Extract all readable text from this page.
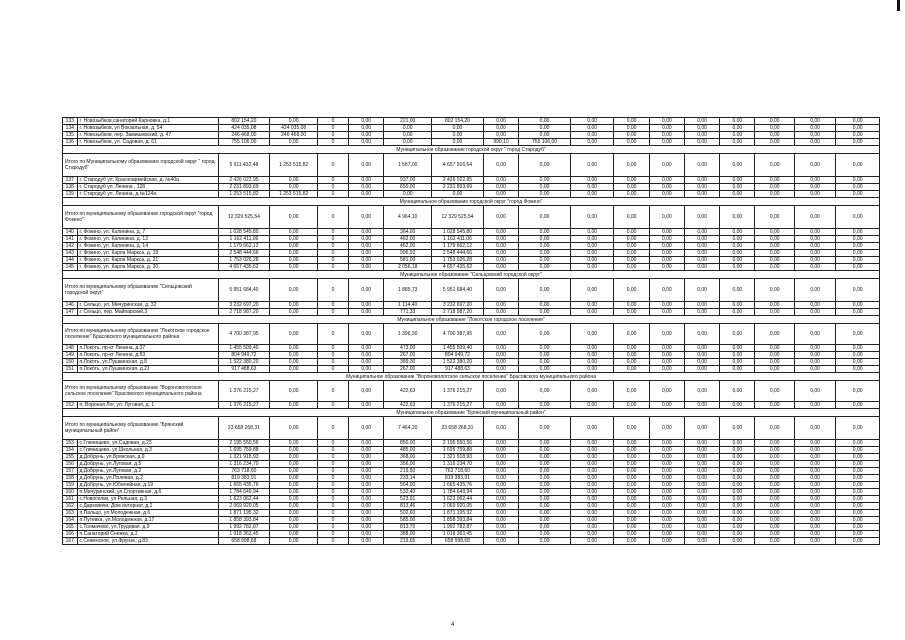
133	г. Новозыбков,санаторий Карновка, д.1	802 154,20	0,00	0	0,00	221,00	802 154,20	0,00	0,00	0,00	0,00	0,00	0,00	0,00	0,00	0,00	0,00
134	г. Новозыбков, ул Вокзальная, д. 54	424 035,08	424 035,08	0	0,00	0,00	0,00	0,00	0,00	0,00	0,00	0,00	0,00	0,00	0,00	0,00	0,00
135	г. Новозыбков, пер. Замишевский, д. 47	246 468,00	246 468,00	0	0,00	0,00	0,00	0,00	0,00	0,00	0,00	0,00	0,00	0,00	0,00	0,00	0,00
136	г. Новозыбков, ул. Садовая, д. 61	755 106,00	0,00	0	0,00	0,00	0,00	990,10	755 106,00	0,00	0,00	0,00	0,00	0,00	0,00	0,00	0,00
Муниципальное образование городской округ " город Стародуб"																	
Итого по Муниципальному образованию городской округ " город Стародуб"		5 911 432,48	1 253 515,82	0	0,00	1 587,00	4 657 916,64	0,00	0,00	0,00	0,00	0,00	0,00	0,00	0,00	0,00	0,00
137	г. Стародуб ул. Красноармейская, д. №40а	2 426 022,95	0,00	0	0,00	937,00	2 426 022,95	0,00	0,00	0,00	0,00	0,00	0,00	0,00	0,00	0,00	0,00
138	г. Стародуб ул. Ленина , 128	2 231 893,69	0,00	0	0,00	650,00	2 231 893,69	0,00	0,00	0,00	0,00	0,00	0,00	0,00	0,00	0,00	0,00
139	г. Стародуб ул. Ленина, д.№124а	1 253 515,82	1 253 515,82	0	0,00	0,00	0,00	0,00	0,00	0,00	0,00	0,00	0,00	0,00	0,00	0,00	0,00
Муниципальное образование городской округ "город Фокино"																	
Итого по муниципальному образованию городской округ "город Фокино"		12 329 525,54	0,00	0	0,00	4 964,10	12 329 525,54	0,00	0,00	0,00	0,00	0,00	0,00	0,00	0,00	0,00	0,00
140	г. Фокино, ул. Калинина, д. 7	1 028 545,80	0,00	0	0,00	364,00	1 028 545,80	0,00	0,00	0,00	0,00	0,00	0,00	0,00	0,00	0,00	0,00
141	г. Фокино, ул. Калинина, д. 12	1 162 411,06	0,00	0	0,00	462,00	1 162 411,06	0,00	0,00	0,00	0,00	0,00	0,00	0,00	0,00	0,00	0,00
142	г. Фокино, ул. Калинина, д. 14	1 179 662,12	0,00	0	0,00	462,00	1 179 662,12	0,00	0,00	0,00	0,00	0,00	0,00	0,00	0,00	0,00	0,00
143	г. Фокино, ул. Карла Маркса, д. 19	2 548 444,66	0,00	0	0,00	996,92	2 548 444,66	0,00	0,00	0,00	0,00	0,00	0,00	0,00	0,00	0,00	0,00
144	г. Фокино, ул. Карла Маркса, д. 21	1 753 026,28	0,00	0	0,00	581,00	1 753 026,28	0,00	0,00	0,00	0,00	0,00	0,00	0,00	0,00	0,00	0,00
145	г. Фокино, ул. Карла Маркса, д. 30	4 657 435,62	0,00	0	0,00	2 056,18	4 657 435,62	0,00	0,00	0,00	0,00	0,00	0,00	0,00	0,00	0,00	0,00
Муниципальное образование "Сельцовский городской округ"																	
Итого по муниципальному образованию "Сельцовский городской округ"		5 951 684,40	0,00	0	0,00	1 885,73	5 951 684,40	0,00	0,00	0,00	0,00	0,00	0,00	0,00	0,00	0,00	0,00
146	г. Сельцо, ул. Мичуринская, д. 32	3 232 697,20	0,00	0	0,00	1 114,40	3 232 697,20	0,00	0,00	0,00	0,00	0,00	0,00	0,00	0,00	0,00	0,00
147	г. Сельцо, пер. Майпарский,3	2 718 987,20	0,00	0	0,00	771,33	2 718 987,20	0,00	0,00	0,00	0,00	0,00	0,00	0,00	0,00	0,00	0,00
Муниципальное образование "Локотское городское поселение"																	
Итого по муниципальному образованию "Локотское городское поселение" Брасовского муниципального района		4 700 387,95	0,00	0	0,00	1 396,30	4 700 387,95	0,00	0,00	0,00	0,00	0,00	0,00	0,00	0,00	0,00	0,00
148	п.Локоть, пр-кт Ленина, д.37	1 455 509,40	0,00	0	0,00	473,00	1 455 509,40	0,00	0,00	0,00	0,00	0,00	0,00	0,00	0,00	0,00	0,00
149	п.Локоть, пр-кт Ленина, д.53	804 949,72	0,00	0	0,00	267,00	804 949,72	0,00	0,00	0,00	0,00	0,00	0,00	0,00	0,00	0,00	0,00
150	п.Локоть, ул.Пушкинская, д.8	1 522 380,20	0,00	0	0,00	389,30	1 522 380,20	0,00	0,00	0,00	0,00	0,00	0,00	0,00	0,00	0,00	0,00
151	п.Локоть, ул.Пушкинская, д.21	917 488,63	0,00	0	0,00	267,00	917 488,63	0,00	0,00	0,00	0,00	0,00	0,00	0,00	0,00	0,00	0,00
Муниципальное образование "Вороновологское сельское поселение" Брасовского муниципального района																	
Итого по муниципальному образованию "Вороновологское сельское поселение" Брасовского муниципального района		1 376 215,27	0,00	0	0,00	422,63	1 376 215,27	0,00	0,00	0,00	0,00	0,00	0,00	0,00	0,00	0,00	0,00
152	п. Вороная Лог, ул. Луговая, д. 1	1 376 215,27	0,00	0	0,00	422,63	1 376 215,27	0,00	0,00	0,00	0,00	0,00	0,00	0,00	0,00	0,00	0,00
Муниципальное образование "Брянский муниципальный район"																	
Итого по муниципальному образованию "Брянский муниципальный район"		23 658 268,31	0,00	0	0,00	7 464,20	23 658 268,31	0,00	0,00	0,00	0,00	0,00	0,00	0,00	0,00	0,00	0,00
153	с.Глинищево, ул.Садовая, д.23	2 195 550,56	0,00	0	0,00	850,00	2 195 550,56	0,00	0,00	0,00	0,00	0,00	0,00	0,00	0,00	0,00	0,00
154	с.Глинищево, ул.Школьная, д.3	1 695 759,88	0,00	0	0,00	485,00	1 695 759,88	0,00	0,00	0,00	0,00	0,00	0,00	0,00	0,00	0,00	0,00
155	д.Добрунь, ул.Брянская, д.9	1 321 918,93	0,00	0	0,00	368,00	1 321 918,93	0,00	0,00	0,00	0,00	0,00	0,00	0,00	0,00	0,00	0,00
156	д.Добрунь, ул.Луговая, д.5	1 316 234,70	0,00	0	0,00	356,00	1 316 234,70	0,00	0,00	0,00	0,00	0,00	0,00	0,00	0,00	0,00	0,00
157	д.Добрунь, ул.Луговая, д.2	763 718,60	0,00	0	0,00	219,50	763 718,60	0,00	0,00	0,00	0,00	0,00	0,00	0,00	0,00	0,00	0,00
158	д.Добрунь, ул.Полевая, д.2	819 383,91	0,00	0	0,00	233,14	819 383,91	0,00	0,00	0,00	0,00	0,00	0,00	0,00	0,00	0,00	0,00
159	д.Добрунь, ул.Юбилейная, д.19	1 665 435,76	0,00	0	0,00	564,00	1 665 435,76	0,00	0,00	0,00	0,00	0,00	0,00	0,00	0,00	0,00	0,00
160	п.Мичуринский, ул.Спортивная, д.6	1 784 649,94	0,00	0	0,00	532,40	1 784 649,94	0,00	0,00	0,00	0,00	0,00	0,00	0,00	0,00	0,00	0,00
161	с.Новоселки, ул.Рельная, д.3	1 623 062,44	0,00	0	0,00	523,91	1 623 062,44	0,00	0,00	0,00	0,00	0,00	0,00	0,00	0,00	0,00	0,00
162	с.Дарковичи, Дом интернат, д.1	2 069 920,05	0,00	0	0,00	813,46	2 069 920,05	0,00	0,00	0,00	0,00	0,00	0,00	0,00	0,00	0,00	0,00
163	п.Пальцо, ул.Молодежная, д.6	1 871 195,32	0,00	0	0,00	502,60	1 871 195,32	0,00	0,00	0,00	0,00	0,00	0,00	0,00	0,00	0,00	0,00
164	п.Путевка, ул.Молодежная, д.17	1 858 393,84	0,00	0	0,00	585,00	1 858 393,84	0,00	0,00	0,00	0,00	0,00	0,00	0,00	0,00	0,00	0,00
165	с.Толмачево, ул.Трудовая, д.9	1 992 782,87	0,00	0	0,00	813,70	1 992 782,87	0,00	0,00	0,00	0,00	0,00	0,00	0,00	0,00	0,00	0,00
166	п.Санаторий Снежка, д.2	1 018 363,45	0,00	0	0,00	388,00	1 018 363,45	0,00	0,00	0,00	0,00	0,00	0,00	0,00	0,00	0,00	0,00
167	с.Сеженское, ул.Фрунзе, д.83	658 998,68	0,00	0	0,00	219,65	658 998,68	0,00	0,00	0,00	0,00	0,00	0,00	0,00	0,00	0,00	0,00
4
